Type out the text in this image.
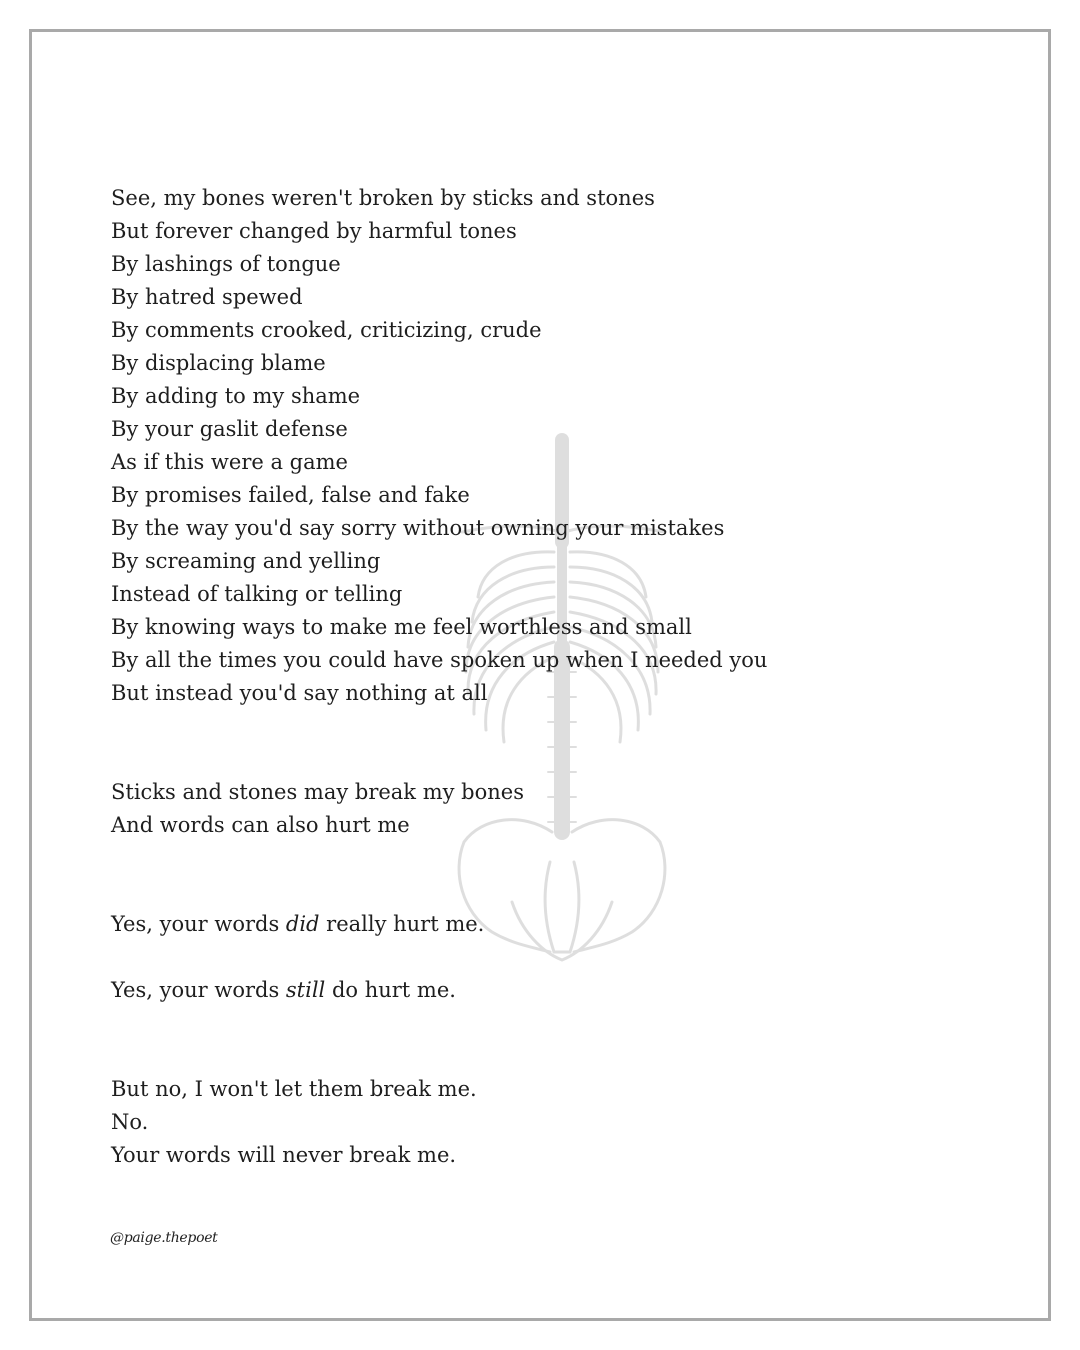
See, my bones weren't broken by sticks and stones
But forever changed by harmful tones
By lashings of tongue
By hatred spewed
By comments crooked, criticizing, crude
By displacing blame
By adding to my shame
By your gaslit defense
As if this were a game
By promises failed, false and fake
By the way you'd say sorry without owning your mistakes
By screaming and yelling
Instead of talking or telling
By knowing ways to make me feel worthless and small
By all the times you could have spoken up when I needed you
But instead you'd say nothing at all
Sticks and stones may break my bones
And words can also hurt me
Yes, your words did really hurt me.
Yes, your words still do hurt me.
But no, I won't let them break me.
No.
Your words will never break me.
@paige.thepoet
